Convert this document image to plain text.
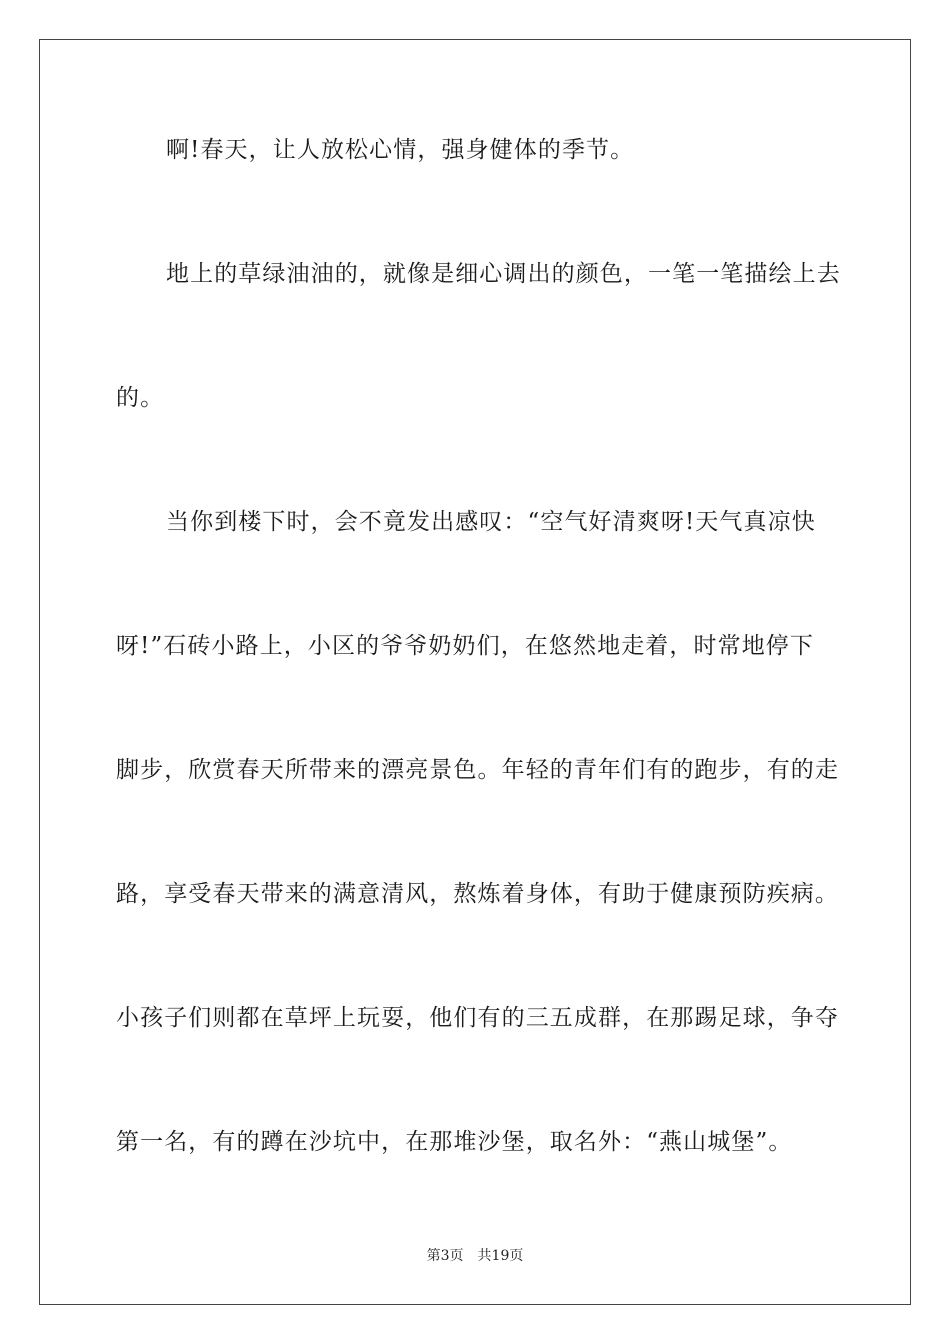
啊!春天，让人放松心情，强身健体的季节。
地上的草绿油油的，就像是细心调出的颜色，一笔一笔描绘上去
的。
当你到楼下时，会不竟发出感叹：“空气好清爽呀!天气真凉快
呀!”石砖小路上，小区的爷爷奶奶们，在悠然地走着，时常地停下
脚步，欣赏春天所带来的漂亮景色。年轻的青年们有的跑步，有的走
路，享受春天带来的满意清风，熬炼着身体，有助于健康预防疾病。
小孩子们则都在草坪上玩耍，他们有的三五成群，在那踢足球，争夺
第一名，有的蹲在沙坑中，在那堆沙堡，取名外：“燕山城堡”。
第3页 共19页
